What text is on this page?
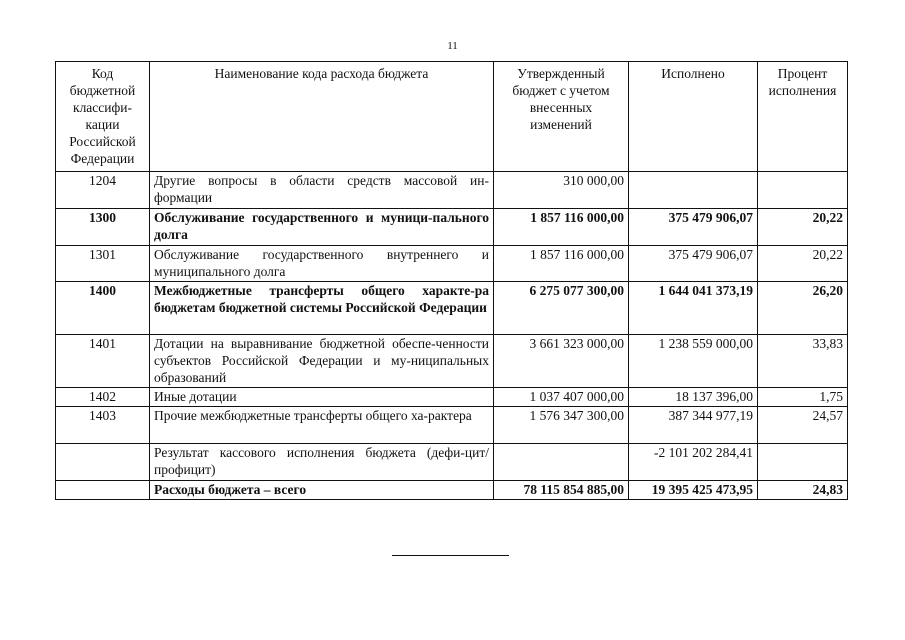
11
Код бюджетной классифи-кации Российской Федерации	Наименование кода расхода бюджета	Утвержденный бюджет с учетом внесенных изменений	Исполнено	Процент исполнения
1204	Другие вопросы в области средств массовой ин-формации	310 000,00		
1300	Обслуживание государственного и муници-пального долга	1 857 116 000,00	375 479 906,07	20,22
1301	Обслуживание государственного внутреннего и муниципального долга	1 857 116 000,00	375 479 906,07	20,22
1400	Межбюджетные трансферты общего характе-ра бюджетам бюджетной системы Российской Федерации	6 275 077 300,00	1 644 041 373,19	26,20
1401	Дотации на выравнивание бюджетной обеспе-ченности субъектов Российской Федерации и му-ниципальных образований	3 661 323 000,00	1 238 559 000,00	33,83
1402	Иные дотации	1 037 407 000,00	18 137 396,00	1,75
1403	Прочие межбюджетные трансферты общего ха-рактера	1 576 347 300,00	387 344 977,19	24,57
	Результат кассового исполнения бюджета (дефи-цит/профицит)		-2 101 202 284,41	
	Расходы бюджета – всего	78 115 854 885,00	19 395 425 473,95	24,83
